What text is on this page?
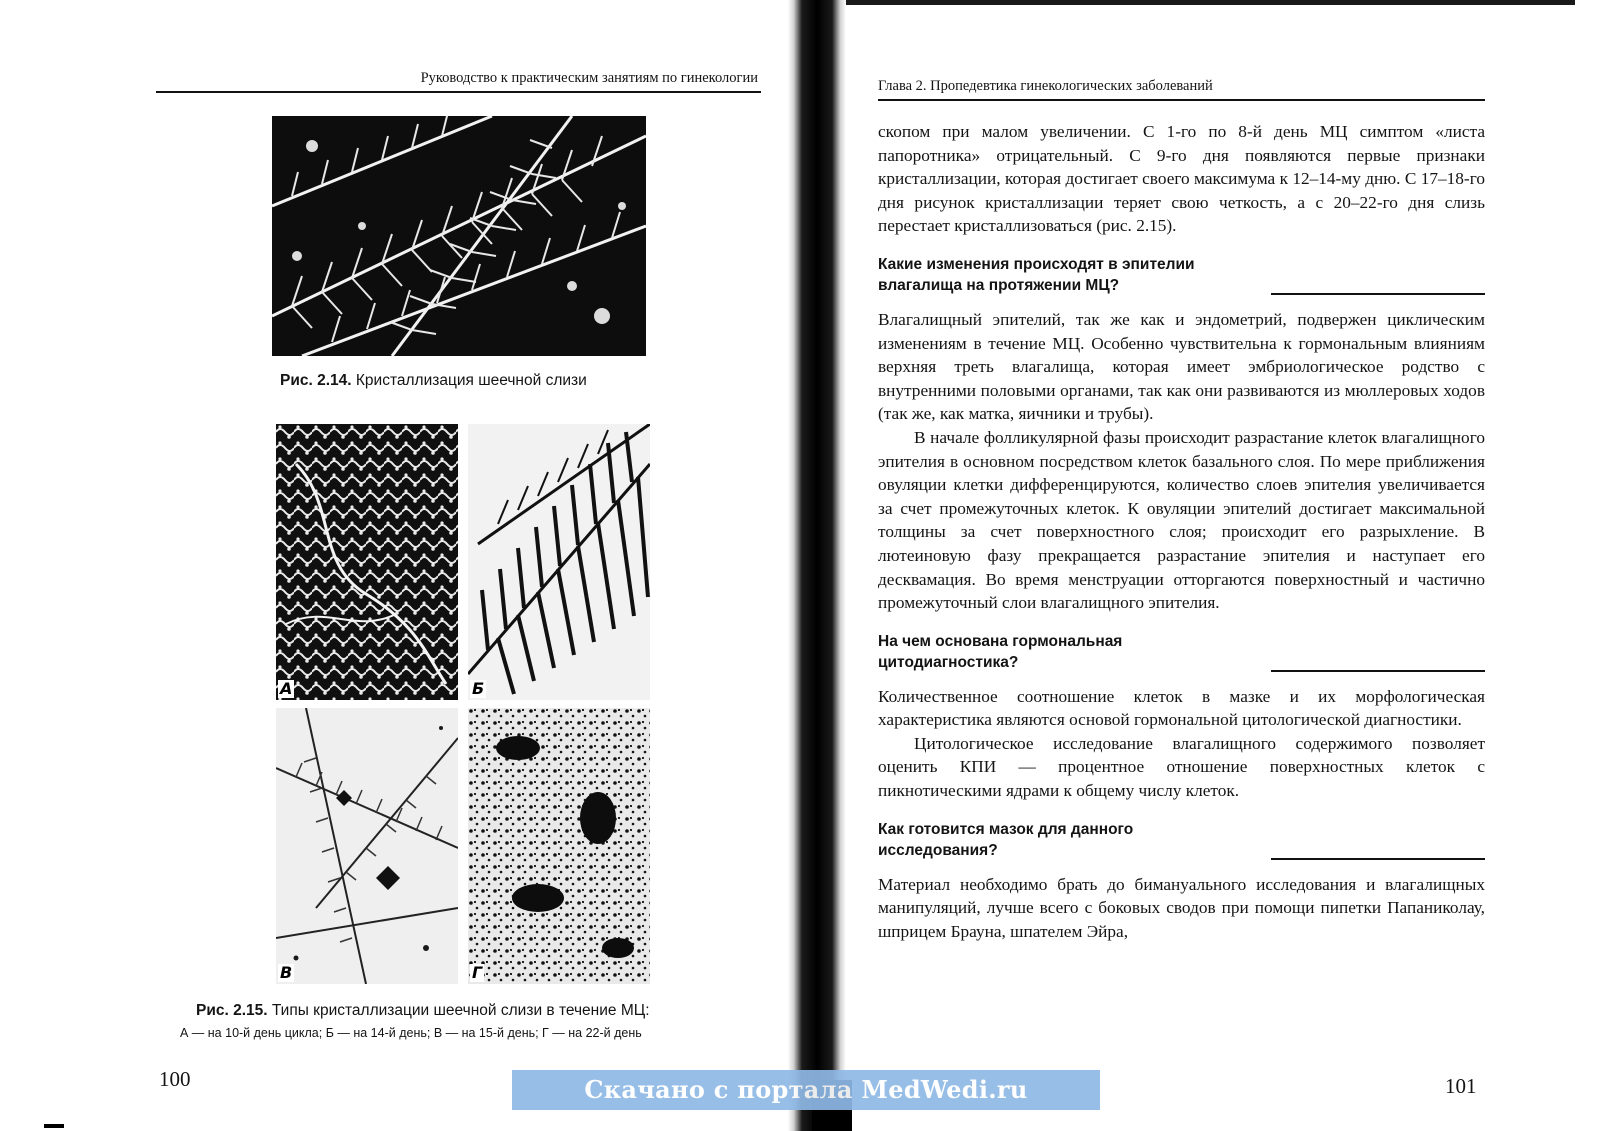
Руководство к практическим занятиям по гинекологии
Рис. 2.14. Кристаллизация шеечной слизи
А	Б
В	Г
Рис. 2.15. Типы кристаллизации шеечной слизи в течение МЦ:
А — на 10-й день цикла; Б — на 14-й день; В — на 15-й день; Г — на 22-й день
100
Глава 2. Пропедевтика гинекологических заболеваний

скопом при малом увеличении. С 1-го по 8-й день МЦ симптом «листа папоротника» отрицательный. С 9-го дня появляются первые признаки кристаллизации, которая достигает своего максимума к 12–14-му дню. С 17–18-го дня рисунок кристаллизации теряет свою четкость, а с 20–22-го дня слизь перестает кристаллизоваться (рис. 2.15).

Какие изменения происходят в эпителии влагалища на протяжении МЦ?

Влагалищный эпителий, так же как и эндометрий, подвержен циклическим изменениям в течение МЦ. Особенно чувствительна к гормональным влияниям верхняя треть влагалища, которая имеет эмбриологическое родство с внутренними половыми органами, так как они развиваются из мюллеровых ходов (так же, как матка, яичники и трубы).

В начале фолликулярной фазы происходит разрастание клеток влагалищного эпителия в основном посредством клеток базального слоя. По мере приближения овуляции клетки дифференцируются, количество слоев эпителия увеличивается за счет промежуточных клеток. К овуляции эпителий достигает максимальной толщины за счет поверхностного слоя; происходит его разрыхление. В лютеиновую фазу прекращается разрастание эпителия и наступает его десквамация. Во время менструации отторгаются поверхностный и частично промежуточный слои влагалищного эпителия.

На чем основана гормональная цитодиагностика?

Количественное соотношение клеток в мазке и их морфологическая характеристика являются основой гормональной цитологической диагностики.

Цитологическое исследование влагалищного содержимого позволяет оценить КПИ — процентное отношение поверхностных клеток с пикнотическими ядрами к общему числу клеток.

Как готовится мазок для данного исследования?

Материал необходимо брать до бимануального исследования и влагалищных манипуляций, лучше всего с боковых сводов при помощи пипетки Папаниколау, шприцем Брауна, шпателем Эйра,

101
Скачано с портала MedWedi.ru
